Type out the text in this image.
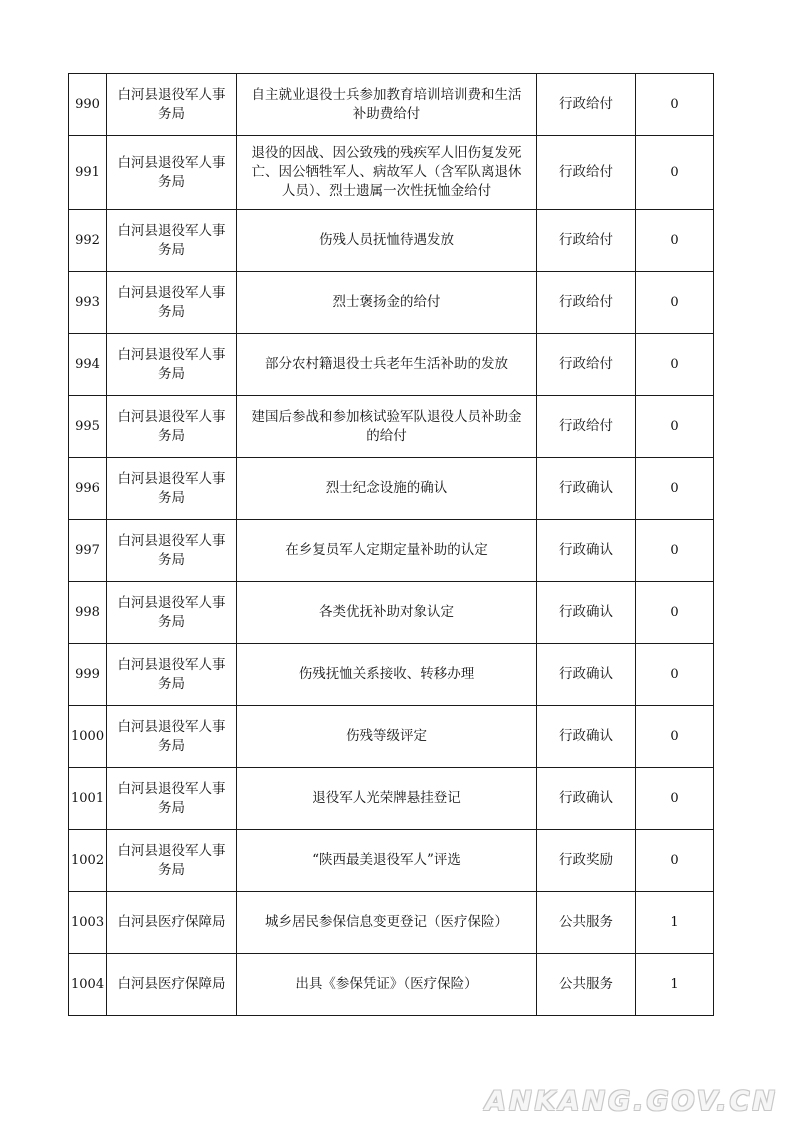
990	白河县退役军人事务局	自主就业退役士兵参加教育培训培训费和生活补助费给付	行政给付	0
991	白河县退役军人事务局	退役的因战、因公致残的残疾军人旧伤复发死亡、因公牺牲军人、病故军人（含军队离退休人员）、烈士遗属一次性抚恤金给付	行政给付	0
992	白河县退役军人事务局	伤残人员抚恤待遇发放	行政给付	0
993	白河县退役军人事务局	烈士褒扬金的给付	行政给付	0
994	白河县退役军人事务局	部分农村籍退役士兵老年生活补助的发放	行政给付	0
995	白河县退役军人事务局	建国后参战和参加核试验军队退役人员补助金的给付	行政给付	0
996	白河县退役军人事务局	烈士纪念设施的确认	行政确认	0
997	白河县退役军人事务局	在乡复员军人定期定量补助的认定	行政确认	0
998	白河县退役军人事务局	各类优抚补助对象认定	行政确认	0
999	白河县退役军人事务局	伤残抚恤关系接收、转移办理	行政确认	0
1000	白河县退役军人事务局	伤残等级评定	行政确认	0
1001	白河县退役军人事务局	退役军人光荣牌悬挂登记	行政确认	0
1002	白河县退役军人事务局	“陕西最美退役军人”评选	行政奖励	0
1003	白河县医疗保障局	城乡居民参保信息变更登记（医疗保险）	公共服务	1
1004	白河县医疗保障局	出具《参保凭证》（医疗保险）	公共服务	1
ANKANG.GOV.CN
